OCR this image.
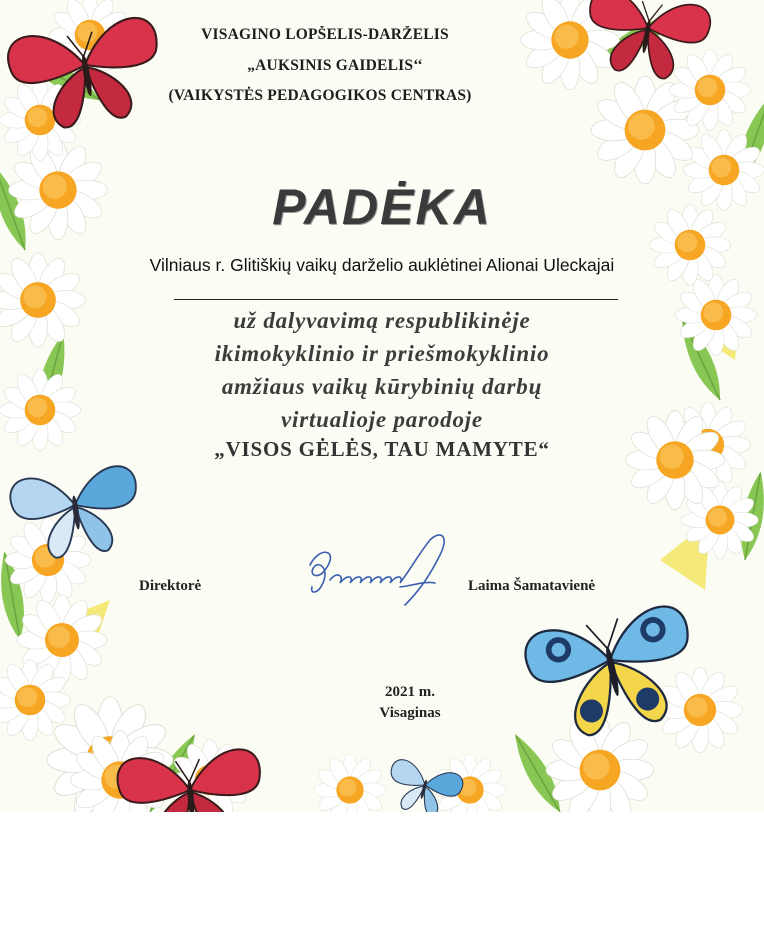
VISAGINO LOPŠELIS-DARŽELIS
„AUKSINIS GAIDELIS‘‘
(VAIKYSTĖS PEDAGOGIKOS CENTRAS)
PADĖKA
Vilniaus r. Glitiškių vaikų darželio auklėtinei Alionai Uleckajai
už dalyvavimą respublikinėje
ikimokyklinio ir priešmokyklinio
amžiaus vaikų kūrybinių darbų
virtualioje parodoje
„VISOS GĖLĖS, TAU MAMYTE“
Direktorė	Laima Šamatavienė
2021 m.
Visaginas
